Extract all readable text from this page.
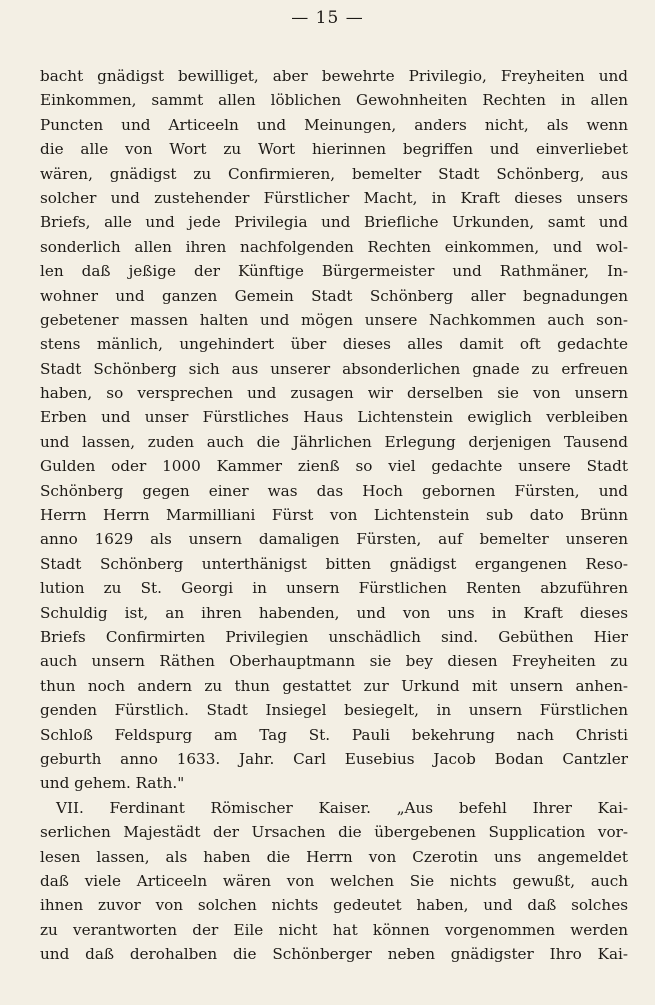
— 15 —
bacht gnädigst bewilliget, aber bewehrte Privilegio, Freyheiten und
Einkommen, sammt allen löblichen Gewohnheiten Rechten in allen
Puncten und Articeeln und Meinungen, anders nicht, als wenn
die alle von Wort zu Wort hierinnen begriffen und einverliebet
wären, gnädigst zu Confirmieren, bemelter Stadt Schönberg, aus
solcher und zustehender Fürstlicher Macht, in Kraft dieses unsers
Briefs, alle und jede Privilegia und Briefliche Urkunden, samt und
sonderlich allen ihren nachfolgenden Rechten einkommen, und wol-
len daß jeßige der Künftige Bürgermeister und Rathmäner, In-
wohner und ganzen Gemein Stadt Schönberg aller begnadungen
gebetener massen halten und mögen unsere Nachkommen auch son-
stens mänlich, ungehindert über dieses alles damit oft gedachte
Stadt Schönberg sich aus unserer absonderlichen gnade zu erfreuen
haben, so versprechen und zusagen wir derselben sie von unsern
Erben und unser Fürstliches Haus Lichtenstein ewiglich verbleiben
und lassen, zuden auch die Jährlichen Erlegung derjenigen Tausend
Gulden oder 1000 Kammer zienß so viel gedachte unsere Stadt
Schönberg gegen einer was das Hoch gebornen Fürsten, und
Herrn Herrn Marmilliani Fürst von Lichtenstein sub dato Brünn
anno 1629 als unsern damaligen Fürsten, auf bemelter unseren
Stadt Schönberg unterthänigst bitten gnädigst ergangenen Reso-
lution zu St. Georgi in unsern Fürstlichen Renten abzuführen
Schuldig ist, an ihren habenden, und von uns in Kraft dieses
Briefs Confirmirten Privilegien unschädlich sind. Gebüthen Hier
auch unsern Räthen Oberhauptmann sie bey diesen Freyheiten zu
thun noch andern zu thun gestattet zur Urkund mit unsern anhen-
genden Fürstlich. Stadt Insiegel besiegelt, in unsern Fürstlichen
Schloß Feldspurg am Tag St. Pauli bekehrung nach Christi
geburth anno 1633. Jahr. Carl Eusebius Jacob Bodan Cantzler
und gehem. Rath."
VII. Ferdinant Römischer Kaiser. „Aus befehl Ihrer Kai-
serlichen Majestädt der Ursachen die übergebenen Supplication vor-
lesen lassen, als haben die Herrn von Czerotin uns angemeldet
daß viele Articeeln wären von welchen Sie nichts gewußt, auch
ihnen zuvor von solchen nichts gedeutet haben, und daß solches
zu verantworten der Eile nicht hat können vorgenommen werden
und daß derohalben die Schönberger neben gnädigster Ihro Kai-
